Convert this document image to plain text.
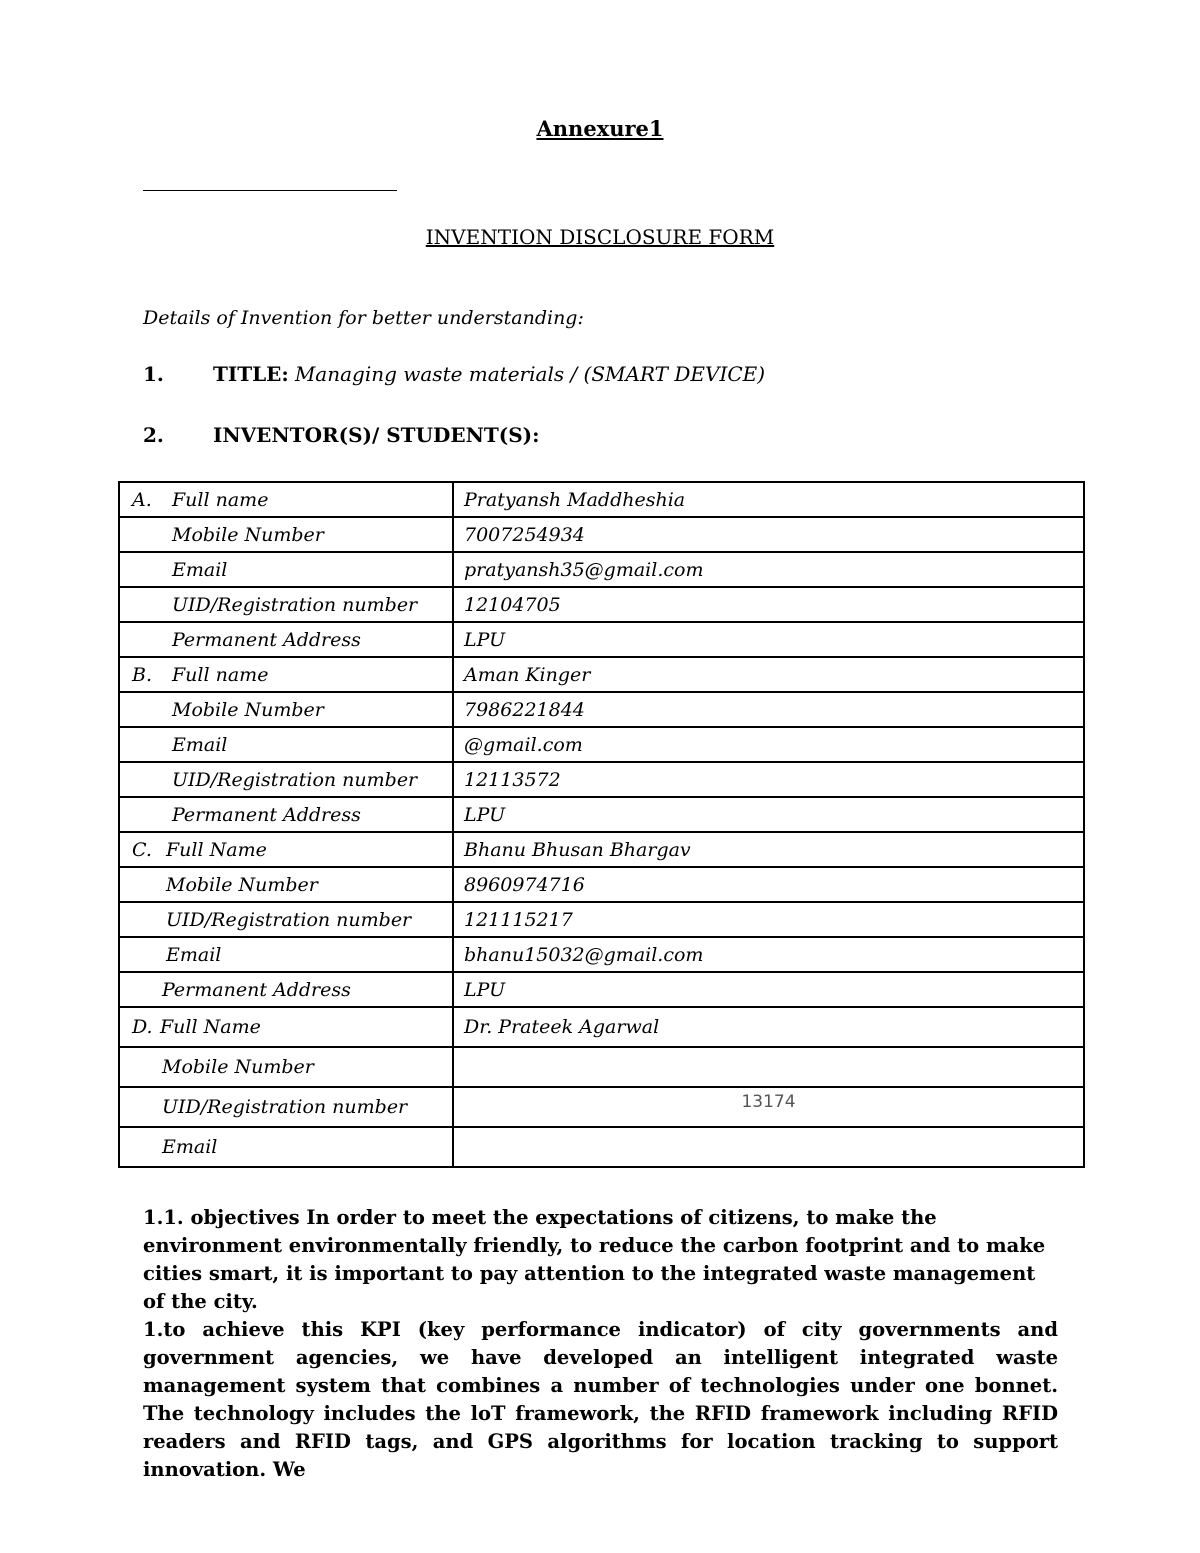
Annexure1
INVENTION DISCLOSURE FORM
Details of Invention for better understanding:
1. TITLE: Managing waste materials / (SMART DEVICE)
2. INVENTOR(S)/ STUDENT(S):
A. Full name	Pratyansh Maddheshia

Mobile Number	7007254934

Email	pratyansh35@gmail.com

UID/Registration number	12104705

Permanent Address	LPU

B. Full name	Aman Kinger

Mobile Number	7986221844

Email	@gmail.com

UID/Registration number	12113572

Permanent Address	LPU

C. Full Name	Bhanu Bhusan Bhargav

Mobile Number	8960974716

UID/Registration number	121115217

Email	bhanu15032@gmail.com

Permanent Address	LPU

D. Full Name	Dr. Prateek Agarwal

Mobile Number	

UID/Registration number	13174

Email	

1.1. objectives In order to meet the expectations of citizens, to make the environment environmentally friendly, to reduce the carbon footprint and to make cities smart, it is important to pay attention to the integrated waste management of the city.

1.to achieve this KPI (key performance indicator) of city governments and government agencies, we have developed an intelligent integrated waste management system that combines a number of technologies under one bonnet. The technology includes the loT framework, the RFID framework including RFID readers and RFID tags, and GPS algorithms for location tracking to support innovation. We
